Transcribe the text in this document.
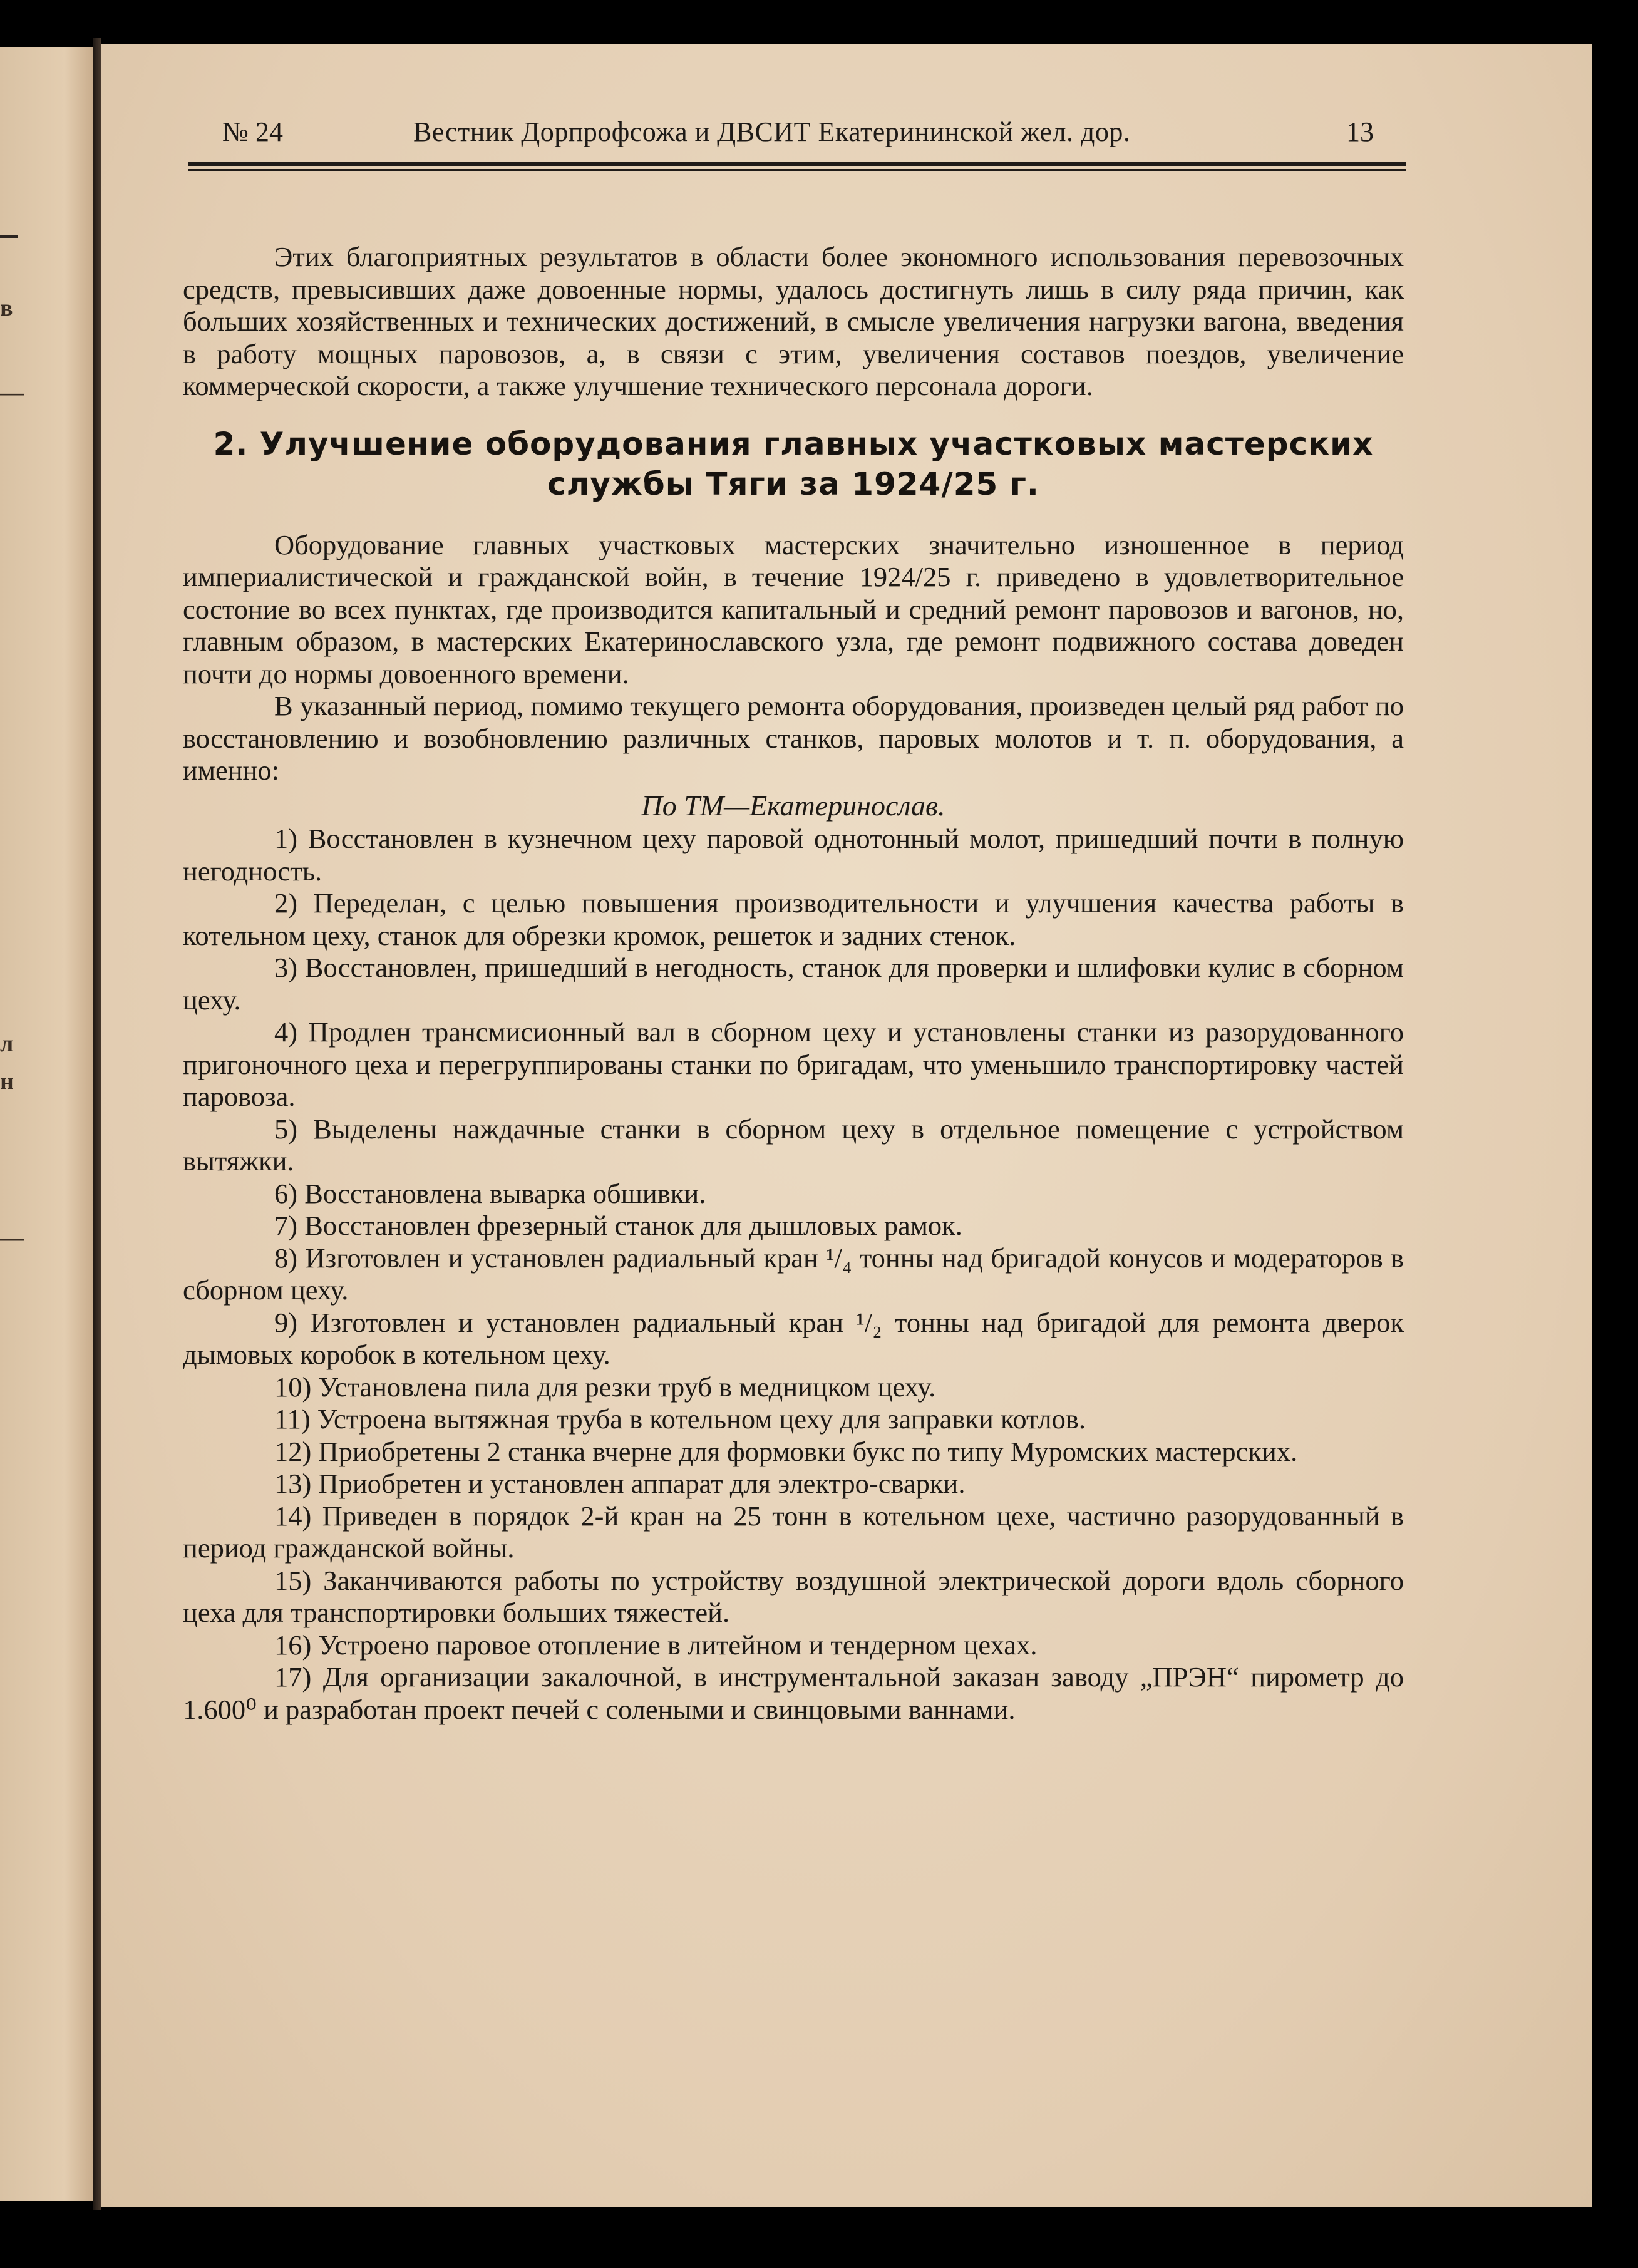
в
—
л
н
—
№ 24	Вестник Дорпрофсожа и ДВСИТ Екатерининской жел. дор.	13

Этих благоприятных результатов в области более экономного использования перевозочных средств, превысивших даже довоенные нормы, удалось достигнуть лишь в силу ряда причин, как больших хозяйственных и технических достижений, в смысле увеличения нагрузки вагона, введения в работу мощных паровозов, а, в связи с этим, увеличения составов поездов, увеличение коммерческой скорости, а также улучшение технического персонала дороги.

2. Улучшение оборудования главных участковых мастерских
службы Тяги за 1924/25 г.

Оборудование главных участковых мастерских значительно изношенное в период империалистической и гражданской войн, в течение 1924/25 г. приведено в удовлетворительное состоние во всех пунктах, где производится капитальный и средний ремонт паровозов и вагонов, но, главным образом, в мастерских Екатеринославского узла, где ремонт подвижного состава доведен почти до нормы довоенного времени.

В указанный период, помимо текущего ремонта оборудования, произведен целый ряд работ по восстановлению и возобновлению различных станков, паровых молотов и т. п. оборудования, а именно:

По ТМ—Екатеринослав.

1) Восстановлен в кузнечном цеху паровой однотонный молот, пришедший почти в полную негодность.

2) Переделан, с целью повышения производительности и улучшения качества работы в котельном цеху, станок для обрезки кромок, решеток и задних стенок.

3) Восстановлен, пришедший в негодность, станок для проверки и шлифовки кулис в сборном цеху.

4) Продлен трансмисионный вал в сборном цеху и установлены станки из разорудованного пригоночного цеха и перегруппированы станки по бригадам, что уменьшило транспортировку частей паровоза.

5) Выделены наждачные станки в сборном цеху в отдельное помещение с устройством вытяжки.

6) Восстановлена выварка обшивки.

7) Восстановлен фрезерный станок для дышловых рамок.

8) Изготовлен и установлен радиальный кран ¹/₄ тонны над бригадой конусов и модераторов в сборном цеху.

9) Изготовлен и установлен радиальный кран ¹/₂ тонны над бригадой для ремонта дверок дымовых коробок в котельном цеху.

10) Установлена пила для резки труб в медницком цеху.

11) Устроена вытяжная труба в котельном цеху для заправки котлов.

12) Приобретены 2 станка вчерне для формовки букс по типу Муромских мастерских.

13) Приобретен и установлен аппарат для электро-сварки.

14) Приведен в порядок 2-й кран на 25 тонн в котельном цехе, частично разорудованный в период гражданской войны.

15) Заканчиваются работы по устройству воздушной электрической дороги вдоль сборного цеха для транспортировки больших тяжестей.

16) Устроено паровое отопление в литейном и тендерном цехах.

17) Для организации закалочной, в инструментальной заказан заводу „ПРЭН“ пирометр до 1.600⁰ и разработан проект печей с солеными и свинцовыми ваннами.
